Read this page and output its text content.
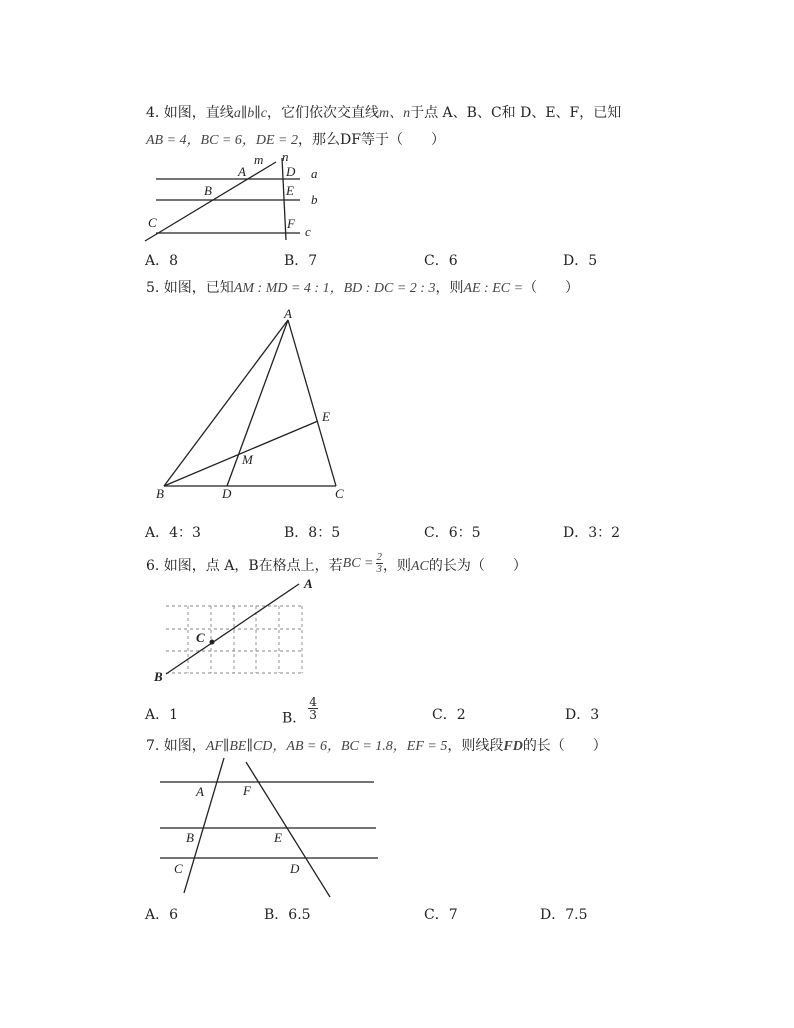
4. 如图，直线a∥b∥c，它们依次交直线m、n于点 A、B、C和 D、E、F，已知
AB = 4，BC = 6，DE = 2，那么DF等于（　　）
m n
A
B
C
D
E
F
a
b
c
A．8	B．7	C．6	D．5
5. 如图，已知AM : MD = 4 : 1，BD : DC = 2 : 3，则AE : EC =（　　）
A
B	C
D
E
M
A．4：3	B．8：5	C．6：5	D．3：2
6. 如图，点 A，B在格点上，若BC = $\frac{2}{3}$ ，则AC的长为（　　）
A
B
C
A．1	B． $\frac{4}{3}$	C．2	D．3
7. 如图，AF∥BE∥CD，AB = 6，BC = 1.8，EF = 5，则线段FD的长（　　）
A	F
B	E
C	D
A．6	B．6.5	C．7	D．7.5
